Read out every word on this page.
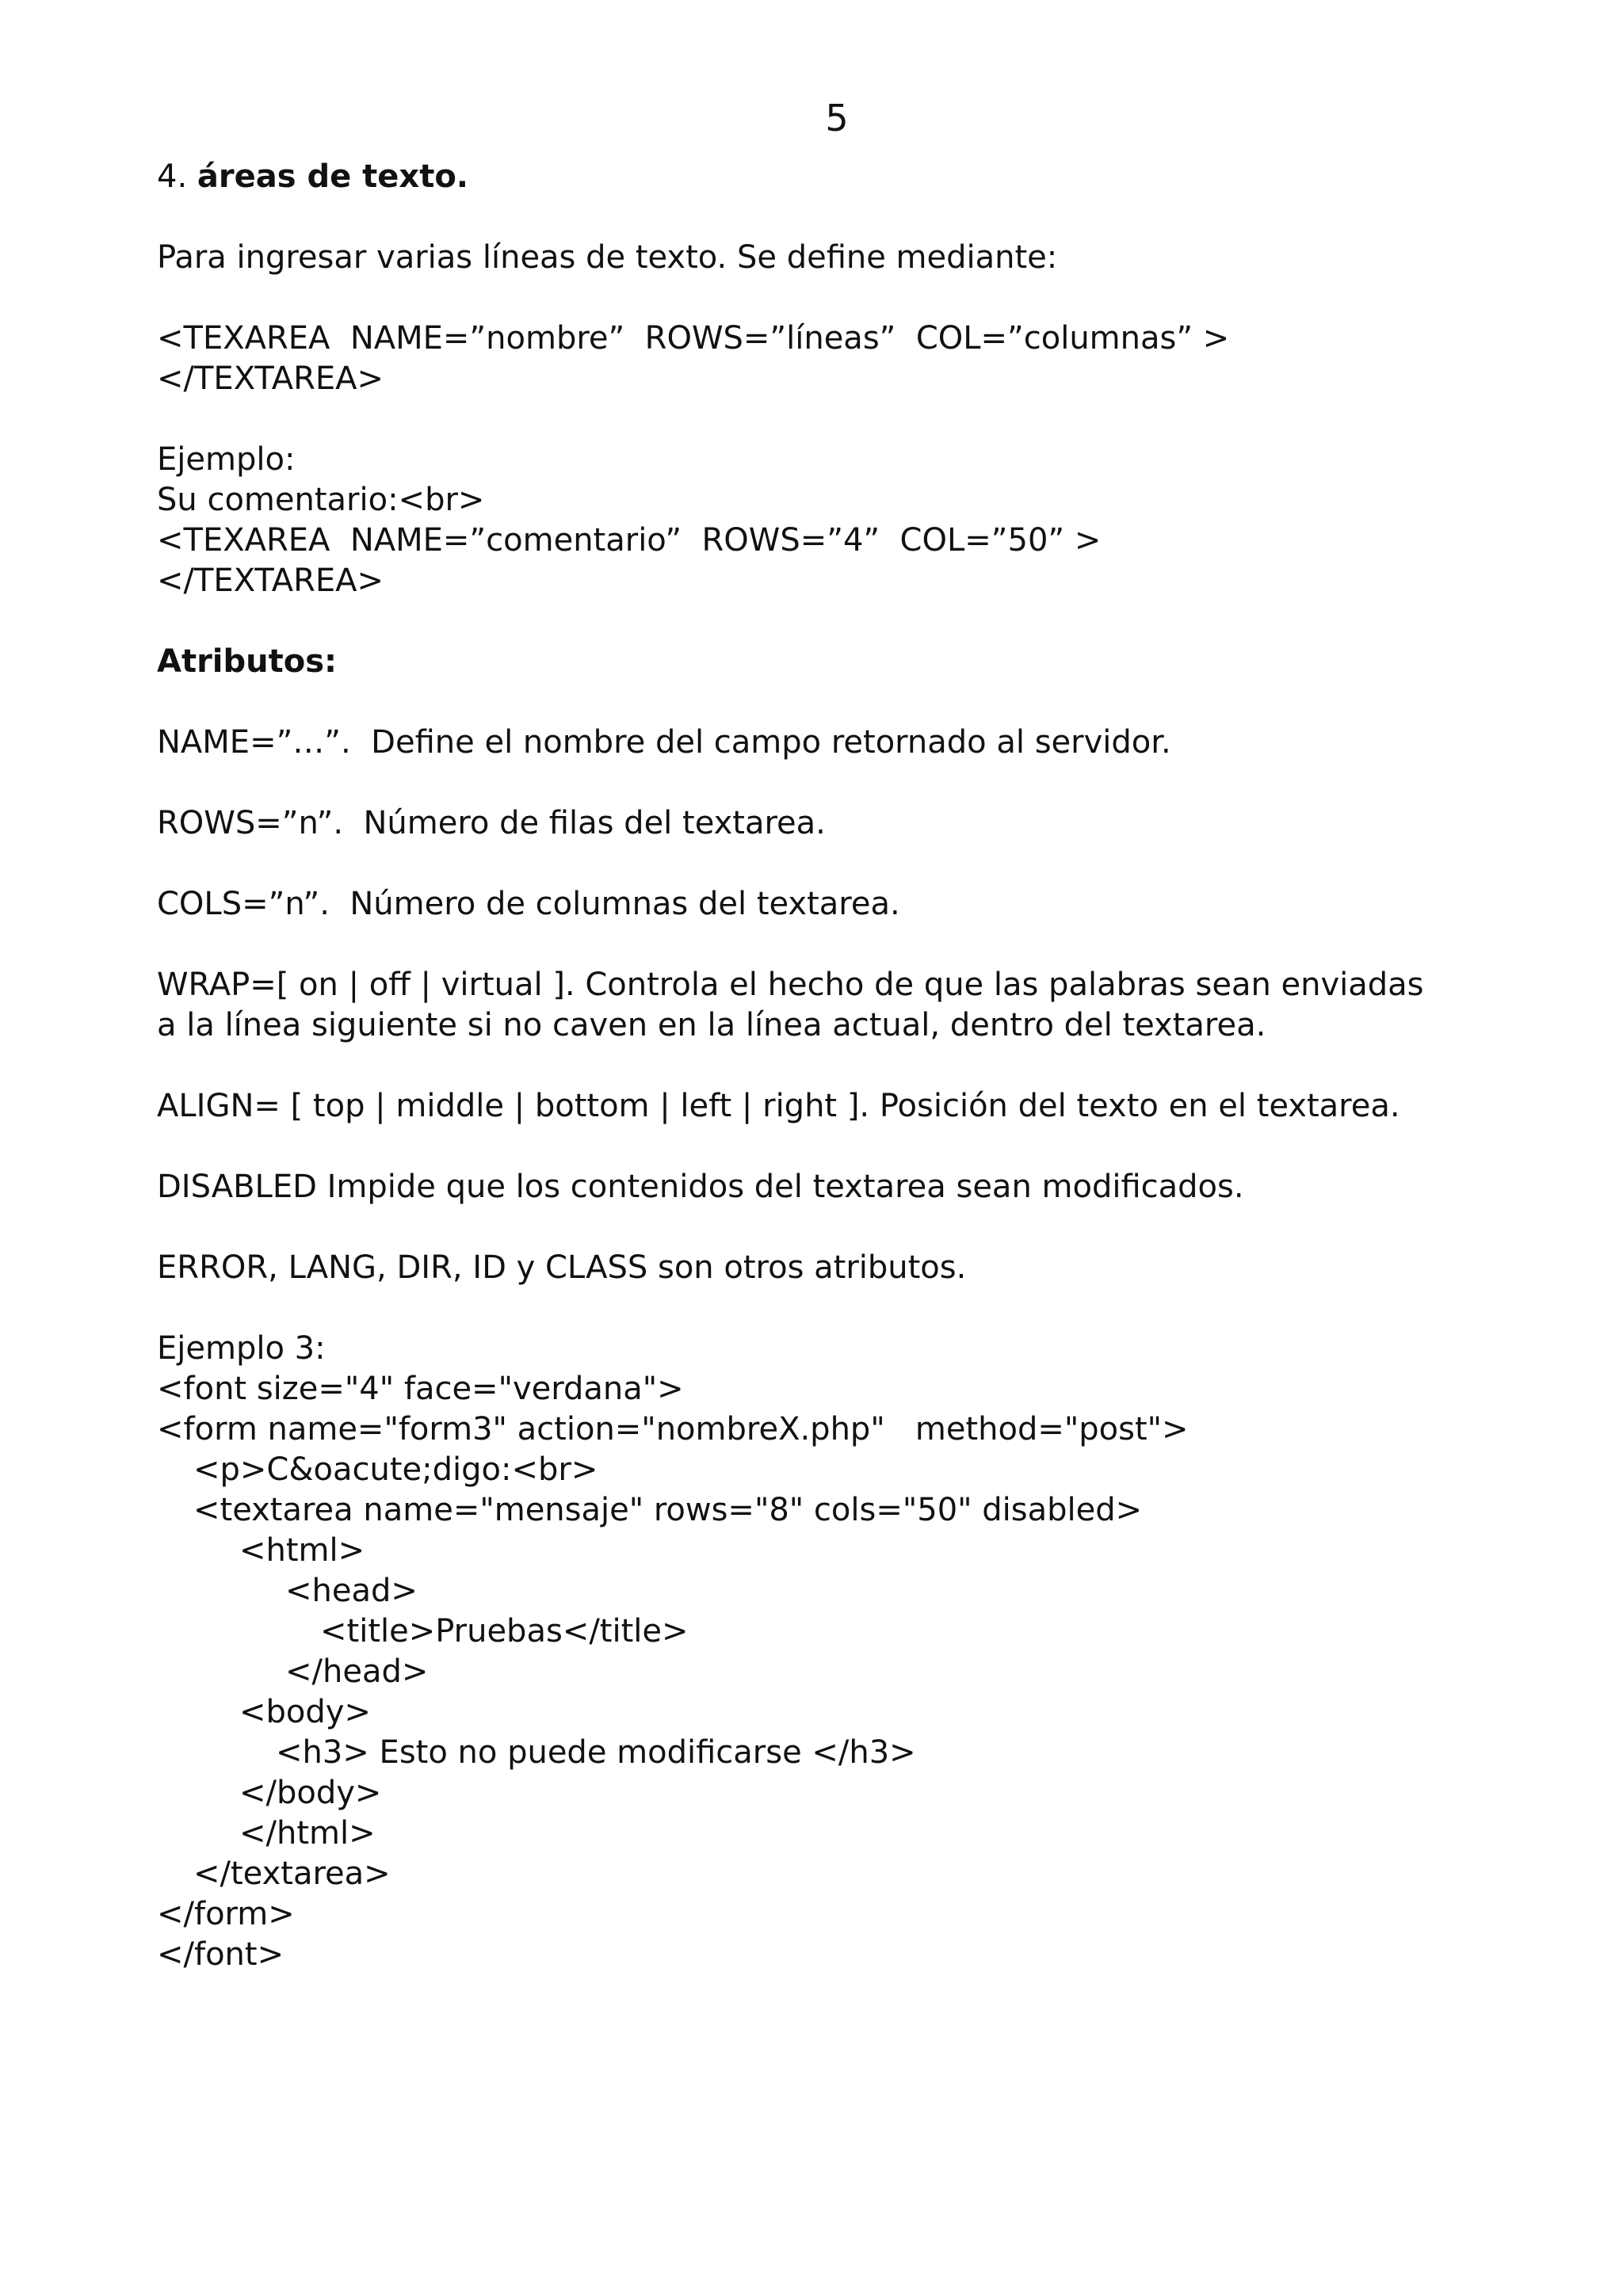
5
4. áreas de texto.
Para ingresar varias líneas de texto. Se define mediante:
<TEXAREA  NAME=”nombre”  ROWS=”líneas”  COL=”columnas” >
</TEXTAREA>
Ejemplo:
Su comentario:<br>
<TEXAREA  NAME=”comentario”  ROWS=”4”  COL=”50” >
</TEXTAREA>
Atributos:
NAME=”…”.  Define el nombre del campo retornado al servidor.
ROWS=”n”.  Número de filas del textarea.
COLS=”n”.  Número de columnas del textarea.
WRAP=[ on | off | virtual ]. Controla el hecho de que las palabras sean enviadas
a la línea siguiente si no caven en la línea actual, dentro del textarea.
ALIGN= [ top | middle | bottom | left | right ]. Posición del texto en el textarea.
DISABLED Impide que los contenidos del textarea sean modificados.
ERROR, LANG, DIR, ID y CLASS son otros atributos.
Ejemplo 3:
<font size="4" face="verdana">
<form name="form3" action="nombreX.php"   method="post">
<p>C&oacute;digo:<br>
<textarea name="mensaje" rows="8" cols="50" disabled>
<html>
<head>
<title>Pruebas</title>
</head>
<body>
<h3> Esto no puede modificarse </h3>
</body>
</html>
</textarea>
</form>
</font>
